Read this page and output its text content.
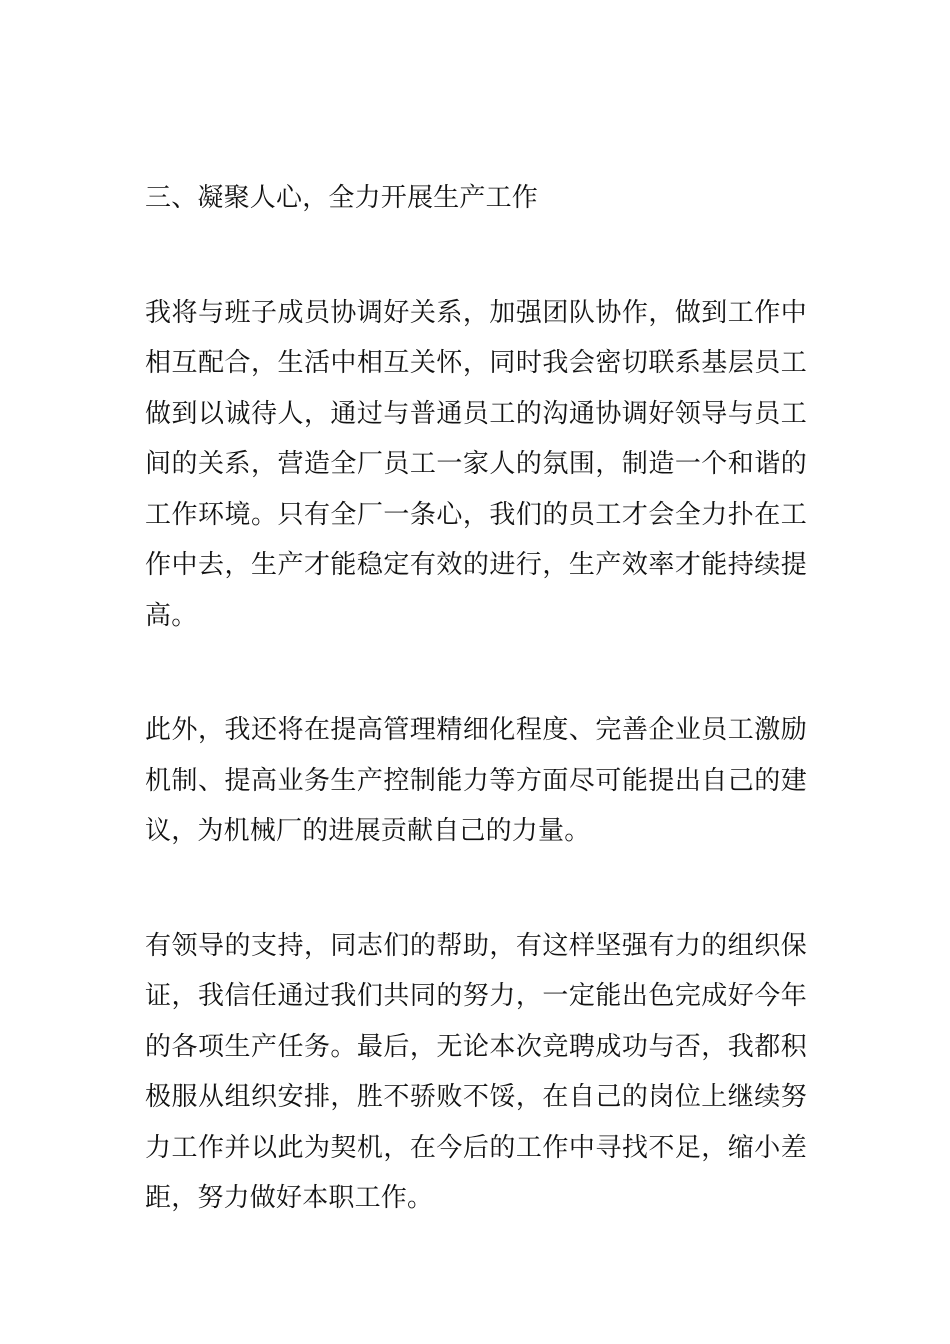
三、凝聚人心，全力开展生产工作

我将与班子成员协调好关系，加强团队协作，做到工作中相互配合，生活中相互关怀，同时我会密切联系基层员工做到以诚待人，通过与普通员工的沟通协调好领导与员工间的关系，营造全厂员工一家人的氛围，制造一个和谐的工作环境。只有全厂一条心，我们的员工才会全力扑在工作中去，生产才能稳定有效的进行，生产效率才能持续提高。

此外，我还将在提高管理精细化程度、完善企业员工激励机制、提高业务生产控制能力等方面尽可能提出自己的建议，为机械厂的进展贡献自己的力量。

有领导的支持，同志们的帮助，有这样坚强有力的组织保证，我信任通过我们共同的努力，一定能出色完成好今年的各项生产任务。最后，无论本次竞聘成功与否，我都积极服从组织安排，胜不骄败不馁，在自己的岗位上继续努力工作并以此为契机，在今后的工作中寻找不足，缩小差距，努力做好本职工作。
